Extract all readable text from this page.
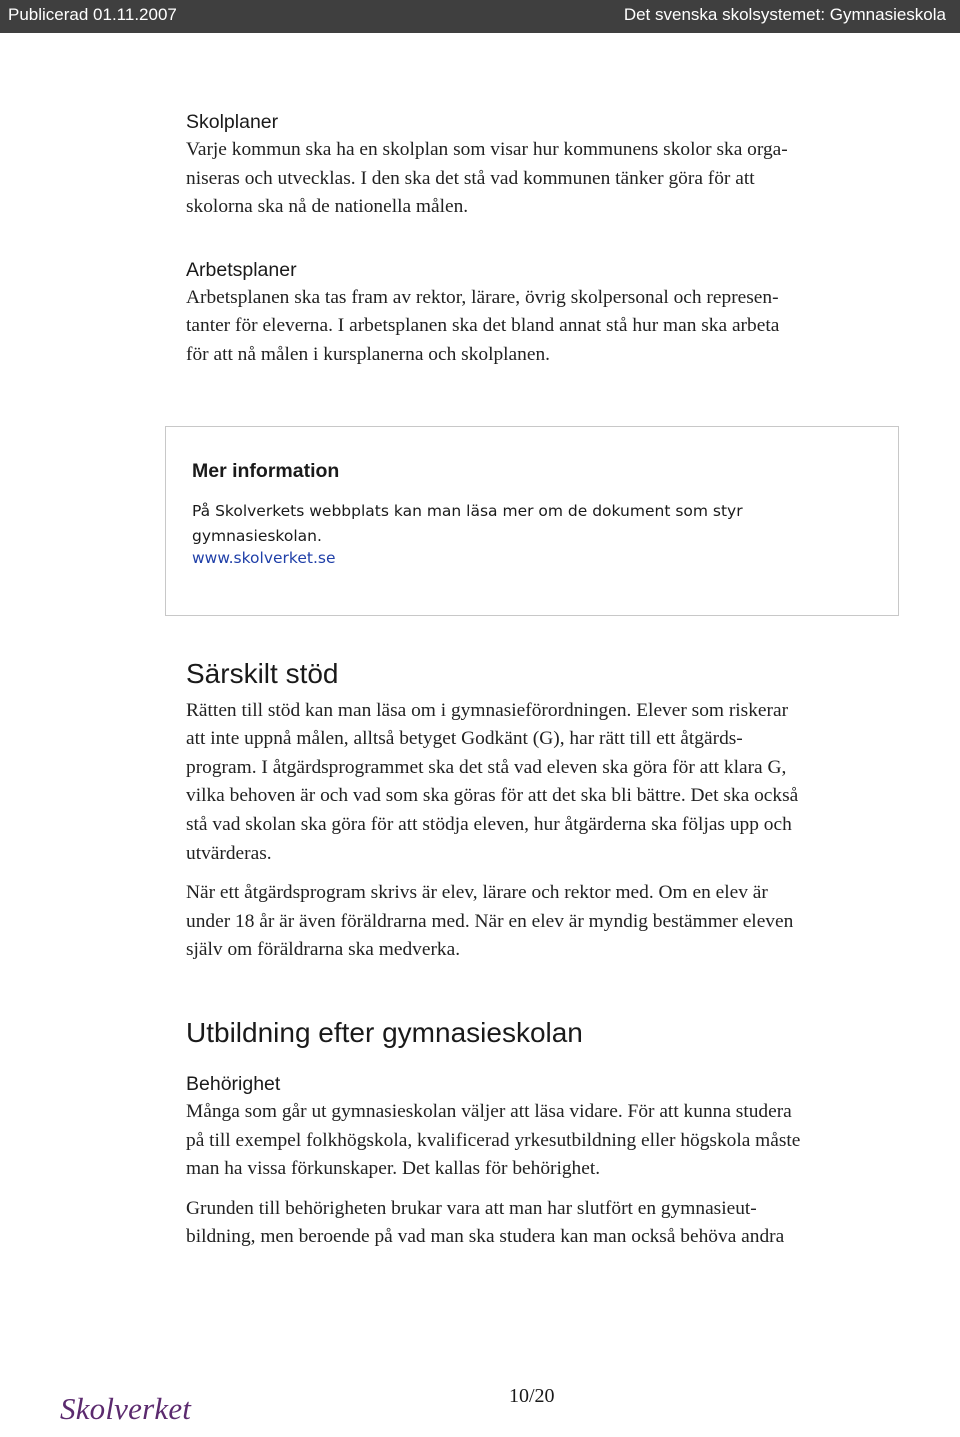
Publicerad 01.11.2007	Det svenska skolsystemet: Gymnasieskola

Skolplaner

Varje kommun ska ha en skolplan som visar hur kommunens skolor ska orga-
niseras och utvecklas. I den ska det stå vad kommunen tänker göra för att
skolorna ska nå de nationella målen.

Arbetsplaner

Arbetsplanen ska tas fram av rektor, lärare, övrig skolpersonal och represen-
tanter för eleverna. I arbetsplanen ska det bland annat stå hur man ska arbeta
för att nå målen i kursplanerna och skolplanen.

Särskilt stöd

Rätten till stöd kan man läsa om i gymnasieförordningen. Elever som riskerar
att inte uppnå målen, alltså betyget Godkänt (G), har rätt till ett åtgärds-
program. I åtgärdsprogrammet ska det stå vad eleven ska göra för att klara G,
vilka behoven är och vad som ska göras för att det ska bli bättre. Det ska också
stå vad skolan ska göra för att stödja eleven, hur åtgärderna ska följas upp och
utvärderas.

När ett åtgärdsprogram skrivs är elev, lärare och rektor med. Om en elev är
under 18 år är även föräldrarna med. När en elev är myndig bestämmer eleven
själv om föräldrarna ska medverka.

Utbildning efter gymnasieskolan

Behörighet

Många som går ut gymnasieskolan väljer att läsa vidare. För att kunna studera
på till exempel folkhögskola, kvalificerad yrkesutbildning eller högskola måste
man ha vissa förkunskaper. Det kallas för behörighet.

Grunden till behörigheten brukar vara att man har slutfört en gymnasieut-
bildning, men beroende på vad man ska studera kan man också behöva andra

Mer information
På Skolverkets webbplats kan man läsa mer om de dokument som styr
gymnasieskolan.
www.skolverket.se
Skolverket	10/20
